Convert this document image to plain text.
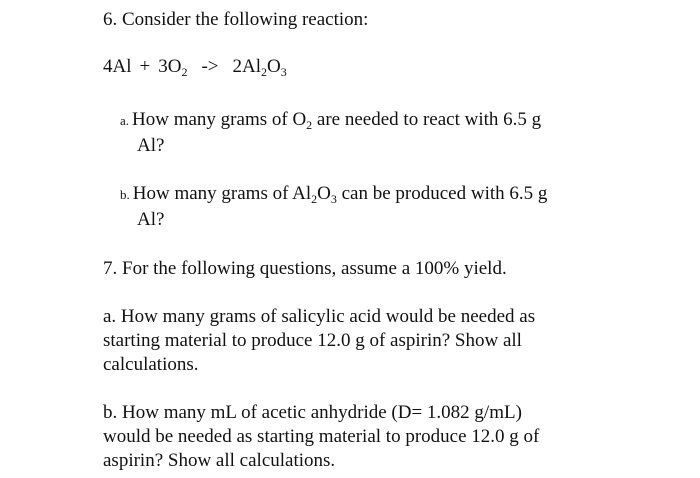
6. Consider the following reaction:
$4Al + 3O_2 -> 2Al_2O_3$
a. How many grams of $O_2$ are needed to react with 6.5 g
Al?
b. How many grams of $Al_2O_3$ can be produced with 6.5 g
Al?
7. For the following questions, assume a 100% yield.
a. How many grams of salicylic acid would be needed as
starting material to produce 12.0 g of aspirin? Show all
calculations.
b. How many mL of acetic anhydride (D= 1.082 g/mL)
would be needed as starting material to produce 12.0 g of
aspirin? Show all calculations.
